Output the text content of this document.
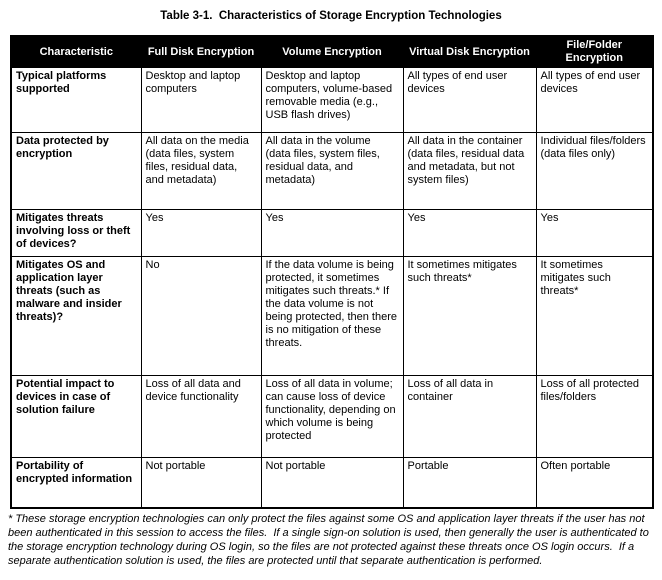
Table 3-1.  Characteristics of Storage Encryption Technologies
Characteristic	Full Disk Encryption	Volume Encryption	Virtual Disk Encryption	File/Folder Encryption
Typical platforms supported	Desktop and laptop computers	Desktop and laptop computers, volume-based removable media (e.g., USB flash drives)	All types of end user devices	All types of end user devices
Data protected by encryption	All data on the media (data files, system files, residual data, and metadata)	All data in the volume (data files, system files, residual data, and metadata)	All data in the container (data files, residual data and metadata, but not system files)	Individual files/folders (data files only)
Mitigates threats involving loss or theft of devices?	Yes	Yes	Yes	Yes
Mitigates OS and application layer threats (such as malware and insider threats)?	No	If the data volume is being protected, it sometimes mitigates such threats.* If the data volume is not being protected, then there is no mitigation of these threats.	It sometimes mitigates such threats*	It sometimes mitigates such threats*
Potential impact to devices in case of solution failure	Loss of all data and device functionality	Loss of all data in volume; can cause loss of device functionality, depending on which volume is being protected	Loss of all data in container	Loss of all protected files/folders
Portability of encrypted information	Not portable	Not portable	Portable	Often portable
* These storage encryption technologies can only protect the files against some OS and application layer threats if the user has not been authenticated in this session to access the files.  If a single sign-on solution is used, then generally the user is authenticated to the storage encryption technology during OS login, so the files are not protected against these threats once OS login occurs.  If a separate authentication solution is used, the files are protected until that separate authentication is performed.
